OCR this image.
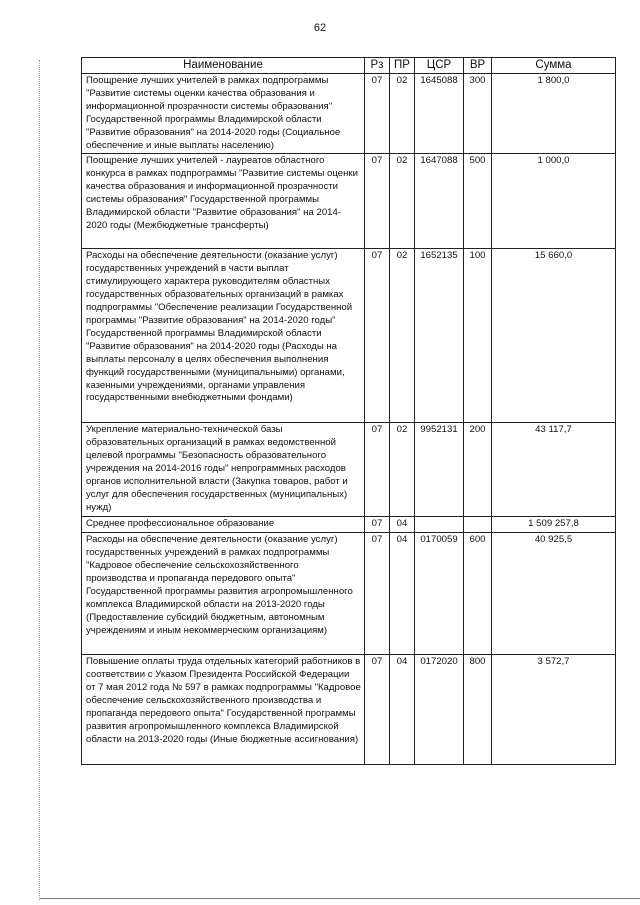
62
Наименование	Рз	ПР	ЦСР	ВР	Сумма
Поощрение лучших учителей в рамках подпрограммы "Развитие системы оценки качества образования и информационной прозрачности системы образования" Государственной программы Владимирской области "Развитие образования" на 2014-2020 годы (Социальное обеспечение и иные выплаты населению)	07	02	1645088	300	1 800,0
Поощрение лучших учителей - лауреатов областного конкурса в рамках подпрограммы "Развитие системы оценки качества образования и информационной прозрачности системы образования" Государственной программы Владимирской области "Развитие образования" на 2014-2020 годы (Межбюджетные трансферты)	07	02	1647088	500	1 000,0
Расходы на обеспечение деятельности (оказание услуг) государственных учреждений в части выплат стимулирующего характера руководителям областных государственных образовательных организаций в рамках подпрограммы "Обеспечение реализации Государственной программы "Развитие образования" на 2014-2020 годы" Государственной программы Владимирской области "Развитие образования" на 2014-2020 годы (Расходы на выплаты персоналу в целях обеспечения выполнения функций государственными (муниципальными) органами, казенными учреждениями, органами управления государственными внебюджетными фондами)	07	02	1652135	100	15 660,0
Укрепление материально-технической базы образовательных организаций в рамках ведомственной целевой программы "Безопасность образовательного учреждения на 2014-2016 годы" непрограммных расходов органов исполнительной власти (Закупка товаров, работ и услуг для обеспечения государственных (муниципальных) нужд)	07	02	9952131	200	43 117,7
Среднее профессиональное образование	07	04			1 509 257,8
Расходы на обеспечение деятельности (оказание услуг) государственных учреждений в рамках подпрограммы "Кадровое обеспечение сельскохозяйственного производства и пропаганда передового опыта" Государственной программы развития агропромышленного комплекса Владимирской области на 2013-2020 годы (Предоставление субсидий бюджетным, автономным учреждениям и иным некоммерческим организациям)	07	04	0170059	600	40 925,5
Повышение оплаты труда отдельных категорий работников в соответствии с Указом Президента Российской Федерации от 7 мая 2012 года № 597 в рамках подпрограммы "Кадровое обеспечение сельскохозяйственного производства и пропаганда передового опыта" Государственной программы развития агропромышленного комплекса Владимирской области на 2013-2020 годы (Иные бюджетные ассигнования)	07	04	0172020	800	3 572,7
